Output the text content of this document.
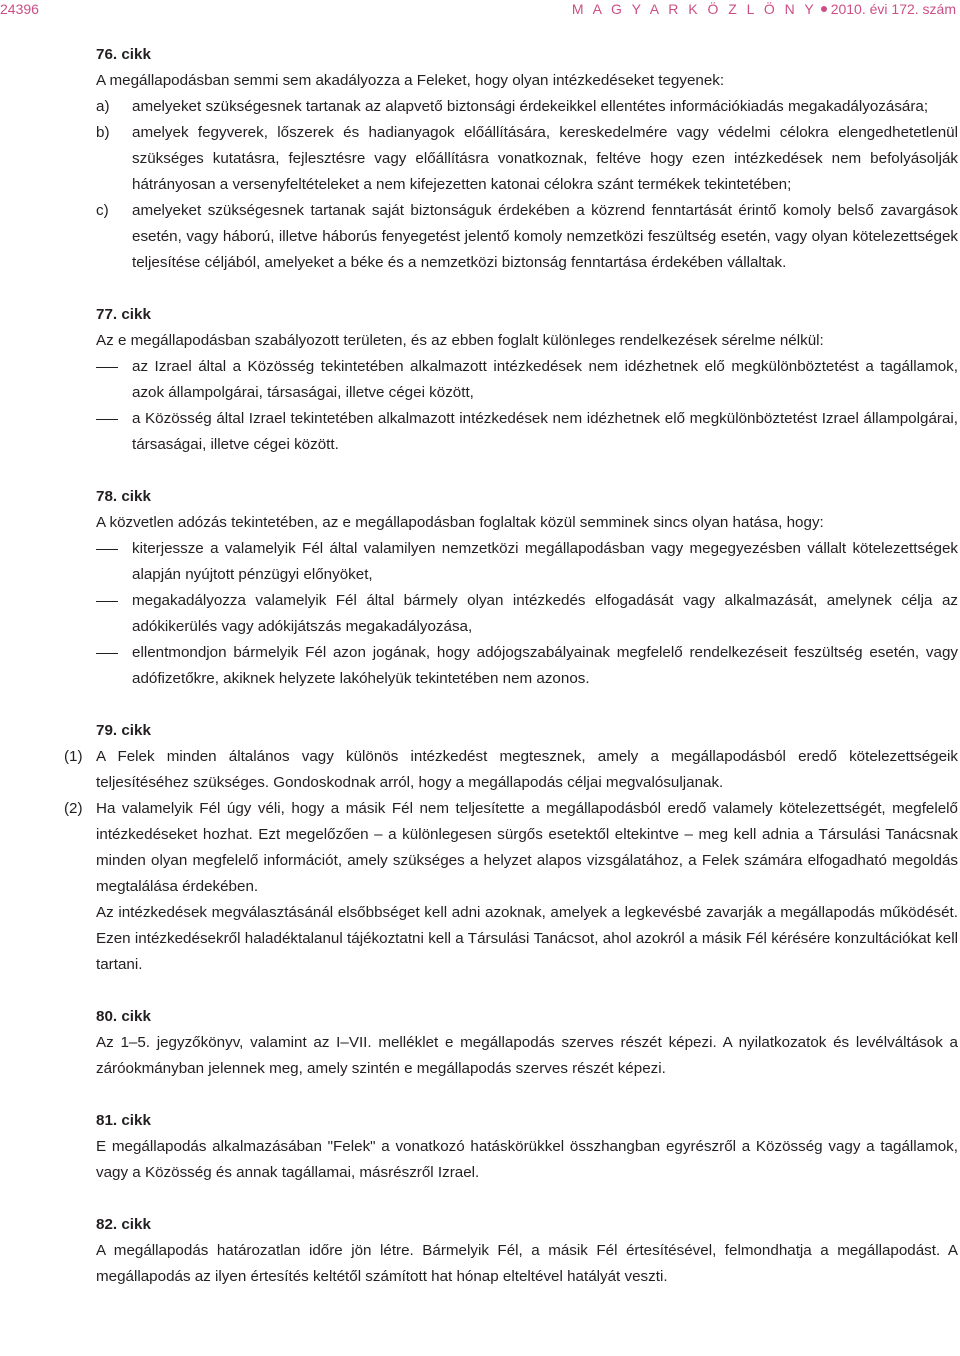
24396	M A G Y A R K Ö Z L Ö N Y 2010. évi 172. szám
76. cikk

A megállapodásban semmi sem akadályozza a Feleket, hogy olyan intézkedéseket tegyenek:

a) amelyeket szükségesnek tartanak az alapvető biztonsági érdekeikkel ellentétes információkiadás megakadályozására;
b) amelyek fegyverek, lőszerek és hadianyagok előállítására, kereskedelmére vagy védelmi célokra elengedhetetlenül szükséges kutatásra, fejlesztésre vagy előállításra vonatkoznak, feltéve hogy ezen intézkedések nem befolyásolják hátrányosan a versenyfeltételeket a nem kifejezetten katonai célokra szánt termékek tekintetében;
c) amelyeket szükségesnek tartanak saját biztonságuk érdekében a közrend fenntartását érintő komoly belső zavargások esetén, vagy háború, illetve háborús fenyegetést jelentő komoly nemzetközi feszültség esetén, vagy olyan kötelezettségek teljesítése céljából, amelyeket a béke és a nemzetközi biztonság fenntartása érdekében vállaltak.
77. cikk

Az e megállapodásban szabályozott területen, és az ebben foglalt különleges rendelkezések sérelme nélkül:

az Izrael által a Közösség tekintetében alkalmazott intézkedések nem idézhetnek elő megkülönböztetést a tagállamok, azok állampolgárai, társaságai, illetve cégei között,
a Közösség által Izrael tekintetében alkalmazott intézkedések nem idézhetnek elő megkülönböztetést Izrael állampolgárai, társaságai, illetve cégei között.
78. cikk

A közvetlen adózás tekintetében, az e megállapodásban foglaltak közül semminek sincs olyan hatása, hogy:

kiterjessze a valamelyik Fél által valamilyen nemzetközi megállapodásban vagy megegyezésben vállalt kötelezettségek alapján nyújtott pénzügyi előnyöket,
megakadályozza valamelyik Fél által bármely olyan intézkedés elfogadását vagy alkalmazását, amelynek célja az adókikerülés vagy adókijátszás megakadályozása,
ellentmondjon bármelyik Fél azon jogának, hogy adójogszabályainak megfelelő rendelkezéseit feszültség esetén, vagy adófizetőkre, akiknek helyzete lakóhelyük tekintetében nem azonos.
79. cikk
(1) A Felek minden általános vagy különös intézkedést megtesznek, amely a megállapodásból eredő kötelezettségeik teljesítéséhez szükséges. Gondoskodnak arról, hogy a megállapodás céljai megvalósuljanak.
(2) Ha valamelyik Fél úgy véli, hogy a másik Fél nem teljesítette a megállapodásból eredő valamely kötelezettségét, megfelelő intézkedéseket hozhat. Ezt megelőzően – a különlegesen sürgős esetektől eltekintve – meg kell adnia a Társulási Tanácsnak minden olyan megfelelő információt, amely szükséges a helyzet alapos vizsgálatához, a Felek számára elfogadható megoldás megtalálása érdekében.

Az intézkedések megválasztásánál elsőbbséget kell adni azoknak, amelyek a legkevésbé zavarják a megállapodás működését. Ezen intézkedésekről haladéktalanul tájékoztatni kell a Társulási Tanácsot, ahol azokról a másik Fél kérésére konzultációkat kell tartani.

80. cikk

Az 1–5. jegyzőkönyv, valamint az I–VII. melléklet e megállapodás szerves részét képezi. A nyilatkozatok és levélváltások a záróokmányban jelennek meg, amely szintén e megállapodás szerves részét képezi.

81. cikk

E megállapodás alkalmazásában "Felek" a vonatkozó hatáskörükkel összhangban egyrészről a Közösség vagy a tagállamok, vagy a Közösség és annak tagállamai, másrészről Izrael.

82. cikk

A megállapodás határozatlan időre jön létre. Bármelyik Fél, a másik Fél értesítésével, felmondhatja a megállapodást. A megállapodás az ilyen értesítés keltétől számított hat hónap elteltével hatályát veszti.
